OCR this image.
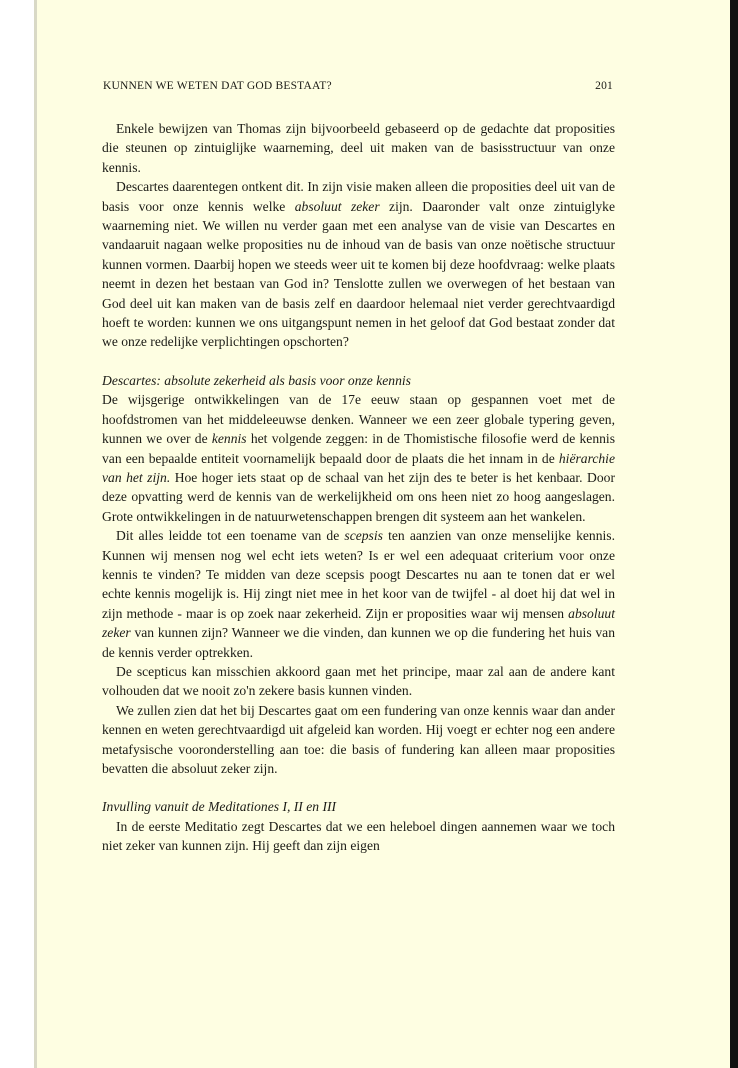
KUNNEN WE WETEN DAT GOD BESTAAT?	201

Enkele bewijzen van Thomas zijn bijvoorbeeld gebaseerd op de gedachte dat proposities die steunen op zintuiglijke waarneming, deel uit maken van de basisstructuur van onze kennis.

Descartes daarentegen ontkent dit. In zijn visie maken alleen die proposities deel uit van de basis voor onze kennis welke absoluut zeker zijn. Daaronder valt onze zintuiglyke waarneming niet. We willen nu verder gaan met een analyse van de visie van Descartes en vandaaruit nagaan welke proposities nu de inhoud van de basis van onze noëtische structuur kunnen vormen. Daarbij hopen we steeds weer uit te komen bij deze hoofdvraag: welke plaats neemt in dezen het bestaan van God in? Tenslotte zullen we overwegen of het bestaan van God deel uit kan maken van de basis zelf en daardoor helemaal niet verder gerechtvaardigd hoeft te worden: kunnen we ons uitgangspunt nemen in het geloof dat God bestaat zonder dat we onze redelijke verplichtingen opschorten?

Descartes: absolute zekerheid als basis voor onze kennis

De wijsgerige ontwikkelingen van de 17e eeuw staan op gespannen voet met de hoofdstromen van het middeleeuwse denken. Wanneer we een zeer globale typering geven, kunnen we over de kennis het volgende zeggen: in de Thomistische filosofie werd de kennis van een bepaalde entiteit voornamelijk bepaald door de plaats die het innam in de hiërarchie van het zijn. Hoe hoger iets staat op de schaal van het zijn des te beter is het kenbaar. Door deze opvatting werd de kennis van de werkelijkheid om ons heen niet zo hoog aangeslagen. Grote ontwikkelingen in de natuurwetenschappen brengen dit systeem aan het wankelen.

Dit alles leidde tot een toename van de scepsis ten aanzien van onze menselijke kennis. Kunnen wij mensen nog wel echt iets weten? Is er wel een adequaat criterium voor onze kennis te vinden? Te midden van deze scepsis poogt Descartes nu aan te tonen dat er wel echte kennis mogelijk is. Hij zingt niet mee in het koor van de twijfel - al doet hij dat wel in zijn methode - maar is op zoek naar zekerheid. Zijn er proposities waar wij mensen absoluut zeker van kunnen zijn? Wanneer we die vinden, dan kunnen we op die fundering het huis van de kennis verder optrekken.

De scepticus kan misschien akkoord gaan met het principe, maar zal aan de andere kant volhouden dat we nooit zo'n zekere basis kunnen vinden.

We zullen zien dat het bij Descartes gaat om een fundering van onze kennis waar dan ander kennen en weten gerechtvaardigd uit afgeleid kan worden. Hij voegt er echter nog een andere metafysische vooronderstelling aan toe: die basis of fundering kan alleen maar proposities bevatten die absoluut zeker zijn.

Invulling vanuit de Meditationes I, II en III

In de eerste Meditatio zegt Descartes dat we een heleboel dingen aannemen waar we toch niet zeker van kunnen zijn. Hij geeft dan zijn eigen
